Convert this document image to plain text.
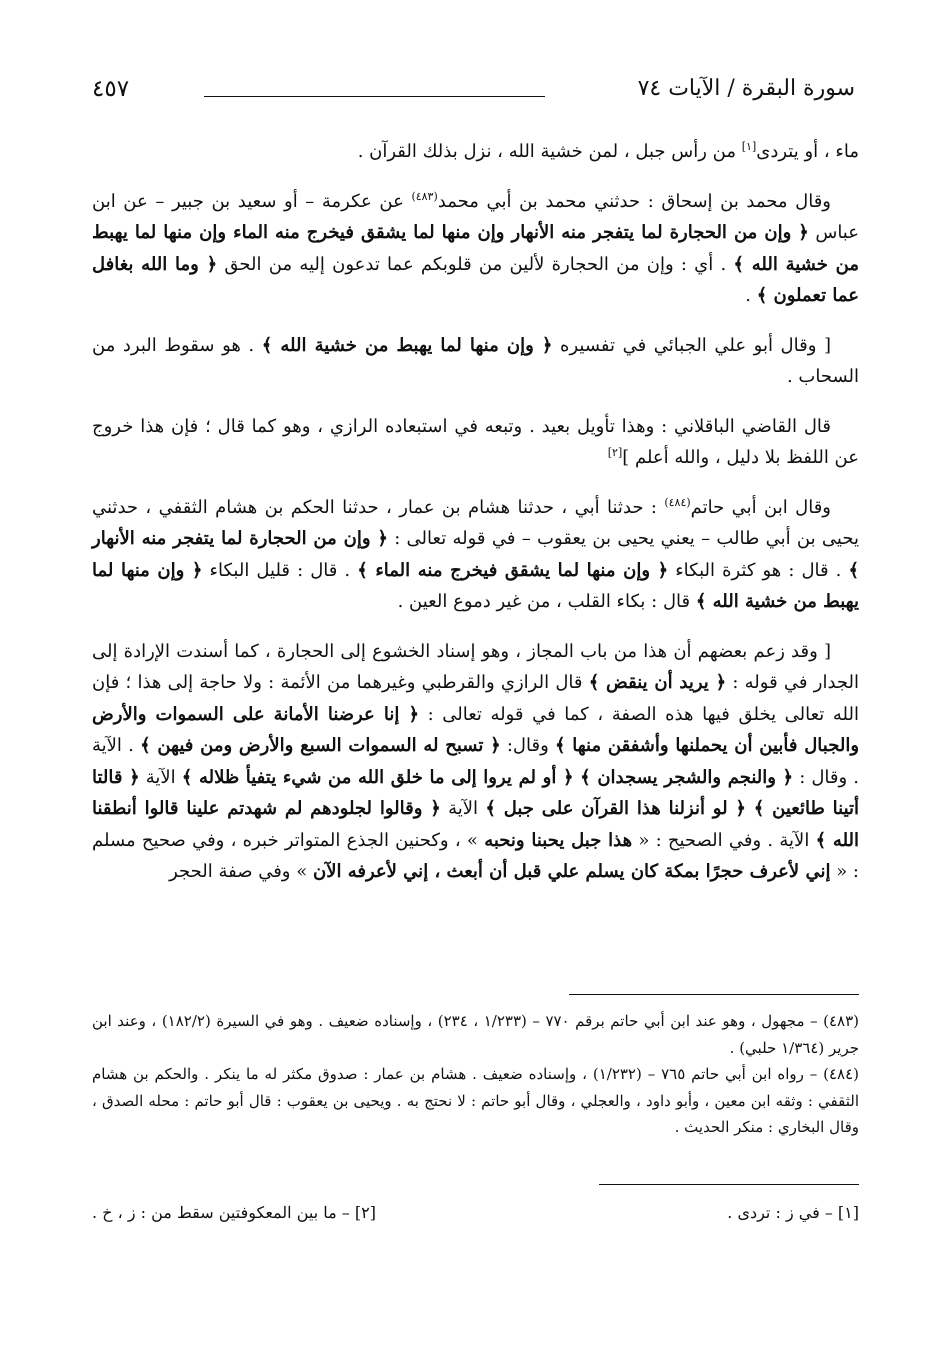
سورة البقرة / الآيات ٧٤
٤٥٧

ماء ، أو يتردى[١] من رأس جبل ، لمن خشية الله ، نزل بذلك القرآن .

وقال محمد بن إسحاق : حدثني محمد بن أبي محمد$^{(٤٨٣)}$ عن عكرمة – أو سعيد بن جبير – عن ابن عباس ﴿ وإن من الحجارة لما يتفجر منه الأنهار وإن منها لما يشقق فيخرج منه الماء وإن منها لما يهبط من خشية الله ﴾ . أي : وإن من الحجارة لألين من قلوبكم عما تدعون إليه من الحق ﴿ وما الله بغافل عما تعملون ﴾ .

[ وقال أبو علي الجبائي في تفسيره ﴿ وإن منها لما يهبط من خشية الله ﴾ . هو سقوط البرد من السحاب .

قال القاضي الباقلاني : وهذا تأويل بعيد . وتبعه في استبعاده الرازي ، وهو كما قال ؛ فإن هذا خروج عن اللفظ بلا دليل ، والله أعلم ][٢]

وقال ابن أبي حاتم$^{(٤٨٤)}$ : حدثنا أبي ، حدثنا هشام بن عمار ، حدثنا الحكم بن هشام الثقفي ، حدثني يحيى بن أبي طالب – يعني يحيى بن يعقوب – في قوله تعالى : ﴿ وإن من الحجارة لما يتفجر منه الأنهار ﴾ . قال : هو كثرة البكاء ﴿ وإن منها لما يشقق فيخرج منه الماء ﴾ . قال : قليل البكاء ﴿ وإن منها لما يهبط من خشية الله ﴾ قال : بكاء القلب ، من غير دموع العين .

[ وقد زعم بعضهم أن هذا من باب المجاز ، وهو إسناد الخشوع إلى الحجارة ، كما أسندت الإرادة إلى الجدار في قوله : ﴿ يريد أن ينقض ﴾ قال الرازي والقرطبي وغيرهما من الأئمة : ولا حاجة إلى هذا ؛ فإن الله تعالى يخلق فيها هذه الصفة ، كما في قوله تعالى : ﴿ إنا عرضنا الأمانة على السموات والأرض والجبال فأبين أن يحملنها وأشفقن منها ﴾ وقال: ﴿ تسبح له السموات السبع والأرض ومن فيهن ﴾ . الآية . وقال : ﴿ والنجم والشجر يسجدان ﴾ ﴿ أو لم يروا إلى ما خلق الله من شيء يتفيأ ظلاله ﴾ الآية ﴿ قالتا أتينا طائعين ﴾ ﴿ لو أنزلنا هذا القرآن على جبل ﴾ الآية ﴿ وقالوا لجلودهم لم شهدتم علينا قالوا أنطقنا الله ﴾ الآية . وفي الصحيح : « هذا جبل يحبنا ونحبه » ، وكحنين الجذع المتواتر خبره ، وفي صحيح مسلم : « إني لأعرف حجرًا بمكة كان يسلم علي قبل أن أبعث ، إني لأعرفه الآن » وفي صفة الحجر

(٤٨٣) – مجهول ، وهو عند ابن أبي حاتم برقم ٧٧٠ – (١/٢٣٣ ، ٢٣٤) ، وإسناده ضعيف . وهو في السيرة (١٨٢/٢) ، وعند ابن جرير (١/٣٦٤ حلبي) .

(٤٨٤) – رواه ابن أبي حاتم ٧٦٥ – (١/٢٣٢) ، وإسناده ضعيف . هشام بن عمار : صدوق مكثر له ما ينكر . والحكم بن هشام الثقفي : وثقه ابن معين ، وأبو داود ، والعجلي ، وقال أبو حاتم : لا نحتج به . ويحيى بن يعقوب : قال أبو حاتم : محله الصدق ، وقال البخاري : منكر الحديث .

[١] – في ز : تردى .
[٢] – ما بين المعكوفتين سقط من : ز ، خ .
